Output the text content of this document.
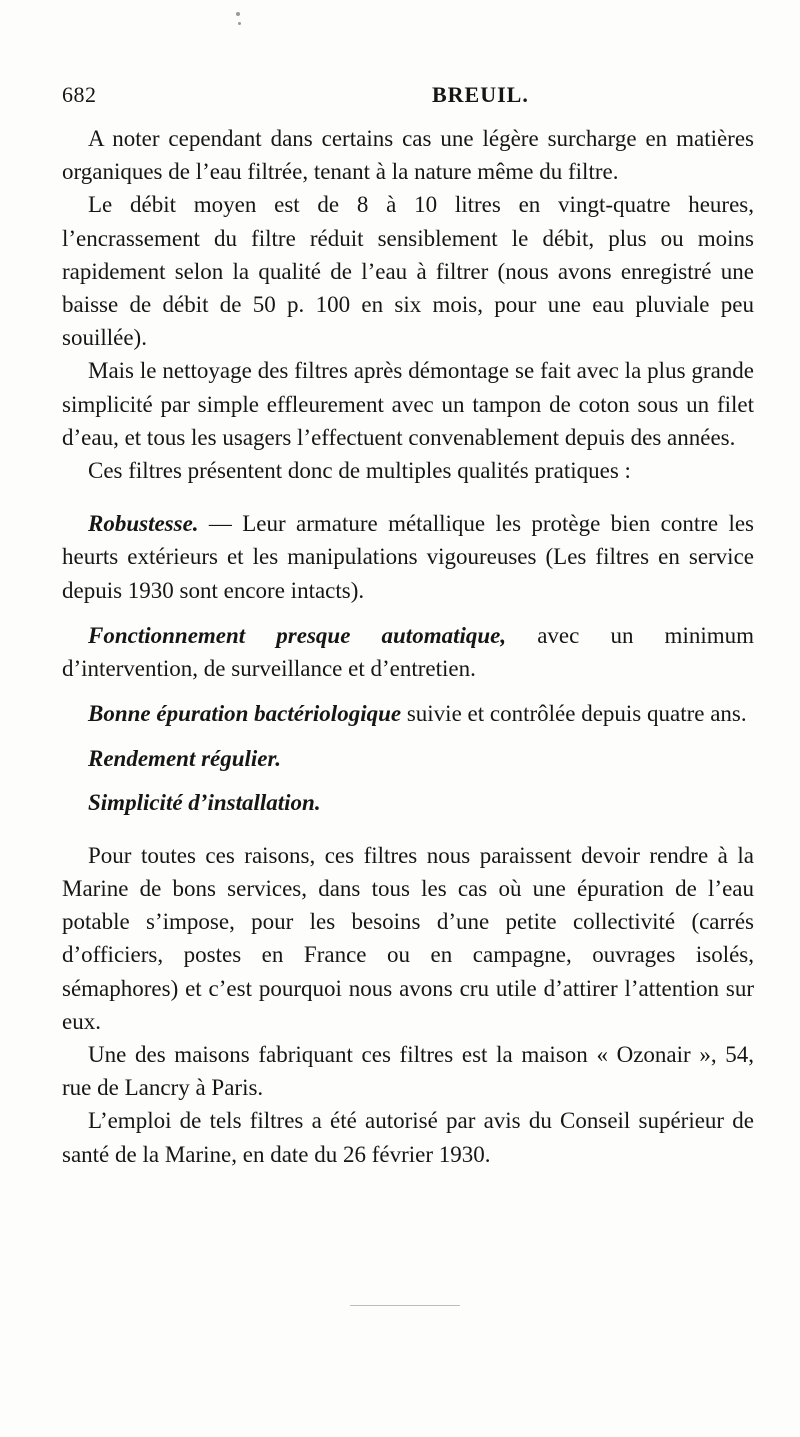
682	BREUIL.

A noter cependant dans certains cas une légère surcharge en matières organiques de l’eau filtrée, tenant à la nature même du filtre.

Le débit moyen est de 8 à 10 litres en vingt-quatre heures, l’encrassement du filtre réduit sensiblement le débit, plus ou moins rapidement selon la qualité de l’eau à filtrer (nous avons enregistré une baisse de débit de 50 p. 100 en six mois, pour une eau pluviale peu souillée).

Mais le nettoyage des filtres après démontage se fait avec la plus grande simplicité par simple effleurement avec un tampon de coton sous un filet d’eau, et tous les usagers l’effectuent convenablement depuis des années.

Ces filtres présentent donc de multiples qualités pratiques :

Robustesse. — Leur armature métallique les protège bien contre les heurts extérieurs et les manipulations vigoureuses (Les filtres en service depuis 1930 sont encore intacts).

Fonctionnement presque automatique, avec un minimum d’intervention, de surveillance et d’entretien.

Bonne épuration bactériologique suivie et contrôlée depuis quatre ans.

Rendement régulier.

Simplicité d’installation.

Pour toutes ces raisons, ces filtres nous paraissent devoir rendre à la Marine de bons services, dans tous les cas où une épuration de l’eau potable s’impose, pour les besoins d’une petite collectivité (carrés d’officiers, postes en France ou en campagne, ouvrages isolés, sémaphores) et c’est pourquoi nous avons cru utile d’attirer l’attention sur eux.

Une des maisons fabriquant ces filtres est la maison « Ozonair », 54, rue de Lancry à Paris.

L’emploi de tels filtres a été autorisé par avis du Conseil supérieur de santé de la Marine, en date du 26 février 1930.
